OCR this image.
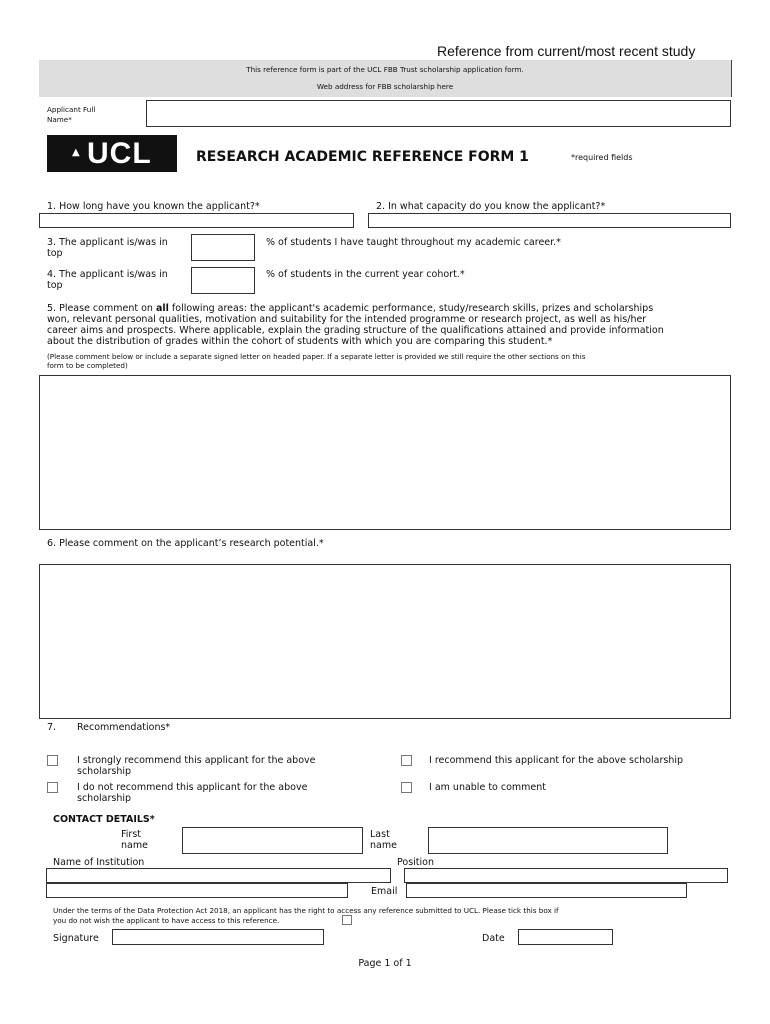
Reference from current/most recent study
This reference form is part of the UCL FBB Trust scholarship application form.
Web address for FBB scholarship here
Applicant Full
Name*
▲ UCL	RESEARCH ACADEMIC REFERENCE FORM 1	*required fields
1. How long have you known the applicant?*	2. In what capacity do you know the applicant?*
3. The applicant is/was in
top
% of students I have taught throughout my academic career.*
4. The applicant is/was in
top
% of students in the current year cohort.*
5. Please comment on all following areas: the applicant's academic performance, study/research skills, prizes and scholarships
won, relevant personal qualities, motivation and suitability for the intended programme or research project, as well as his/her
career aims and prospects. Where applicable, explain the grading structure of the qualifications attained and provide information
about the distribution of grades within the cohort of students with which you are comparing this student.*
(Please comment below or include a separate signed letter on headed paper. If a separate letter is provided we still require the other sections on this
form to be completed)
6. Please comment on the applicant’s research potential.*
7. Recommendations*
I strongly recommend this applicant for the above
scholarship
I recommend this applicant for the above scholarship
I do not recommend this applicant for the above
scholarship
I am unable to comment
CONTACT DETAILS*
First
name
Last
name
Name of Institution	Position
Email
Under the terms of the Data Protection Act 2018, an applicant has the right to access any reference submitted to UCL. Please tick this box if
you do not wish the applicant to have access to this reference.
Signature	Date
Page 1 of 1
